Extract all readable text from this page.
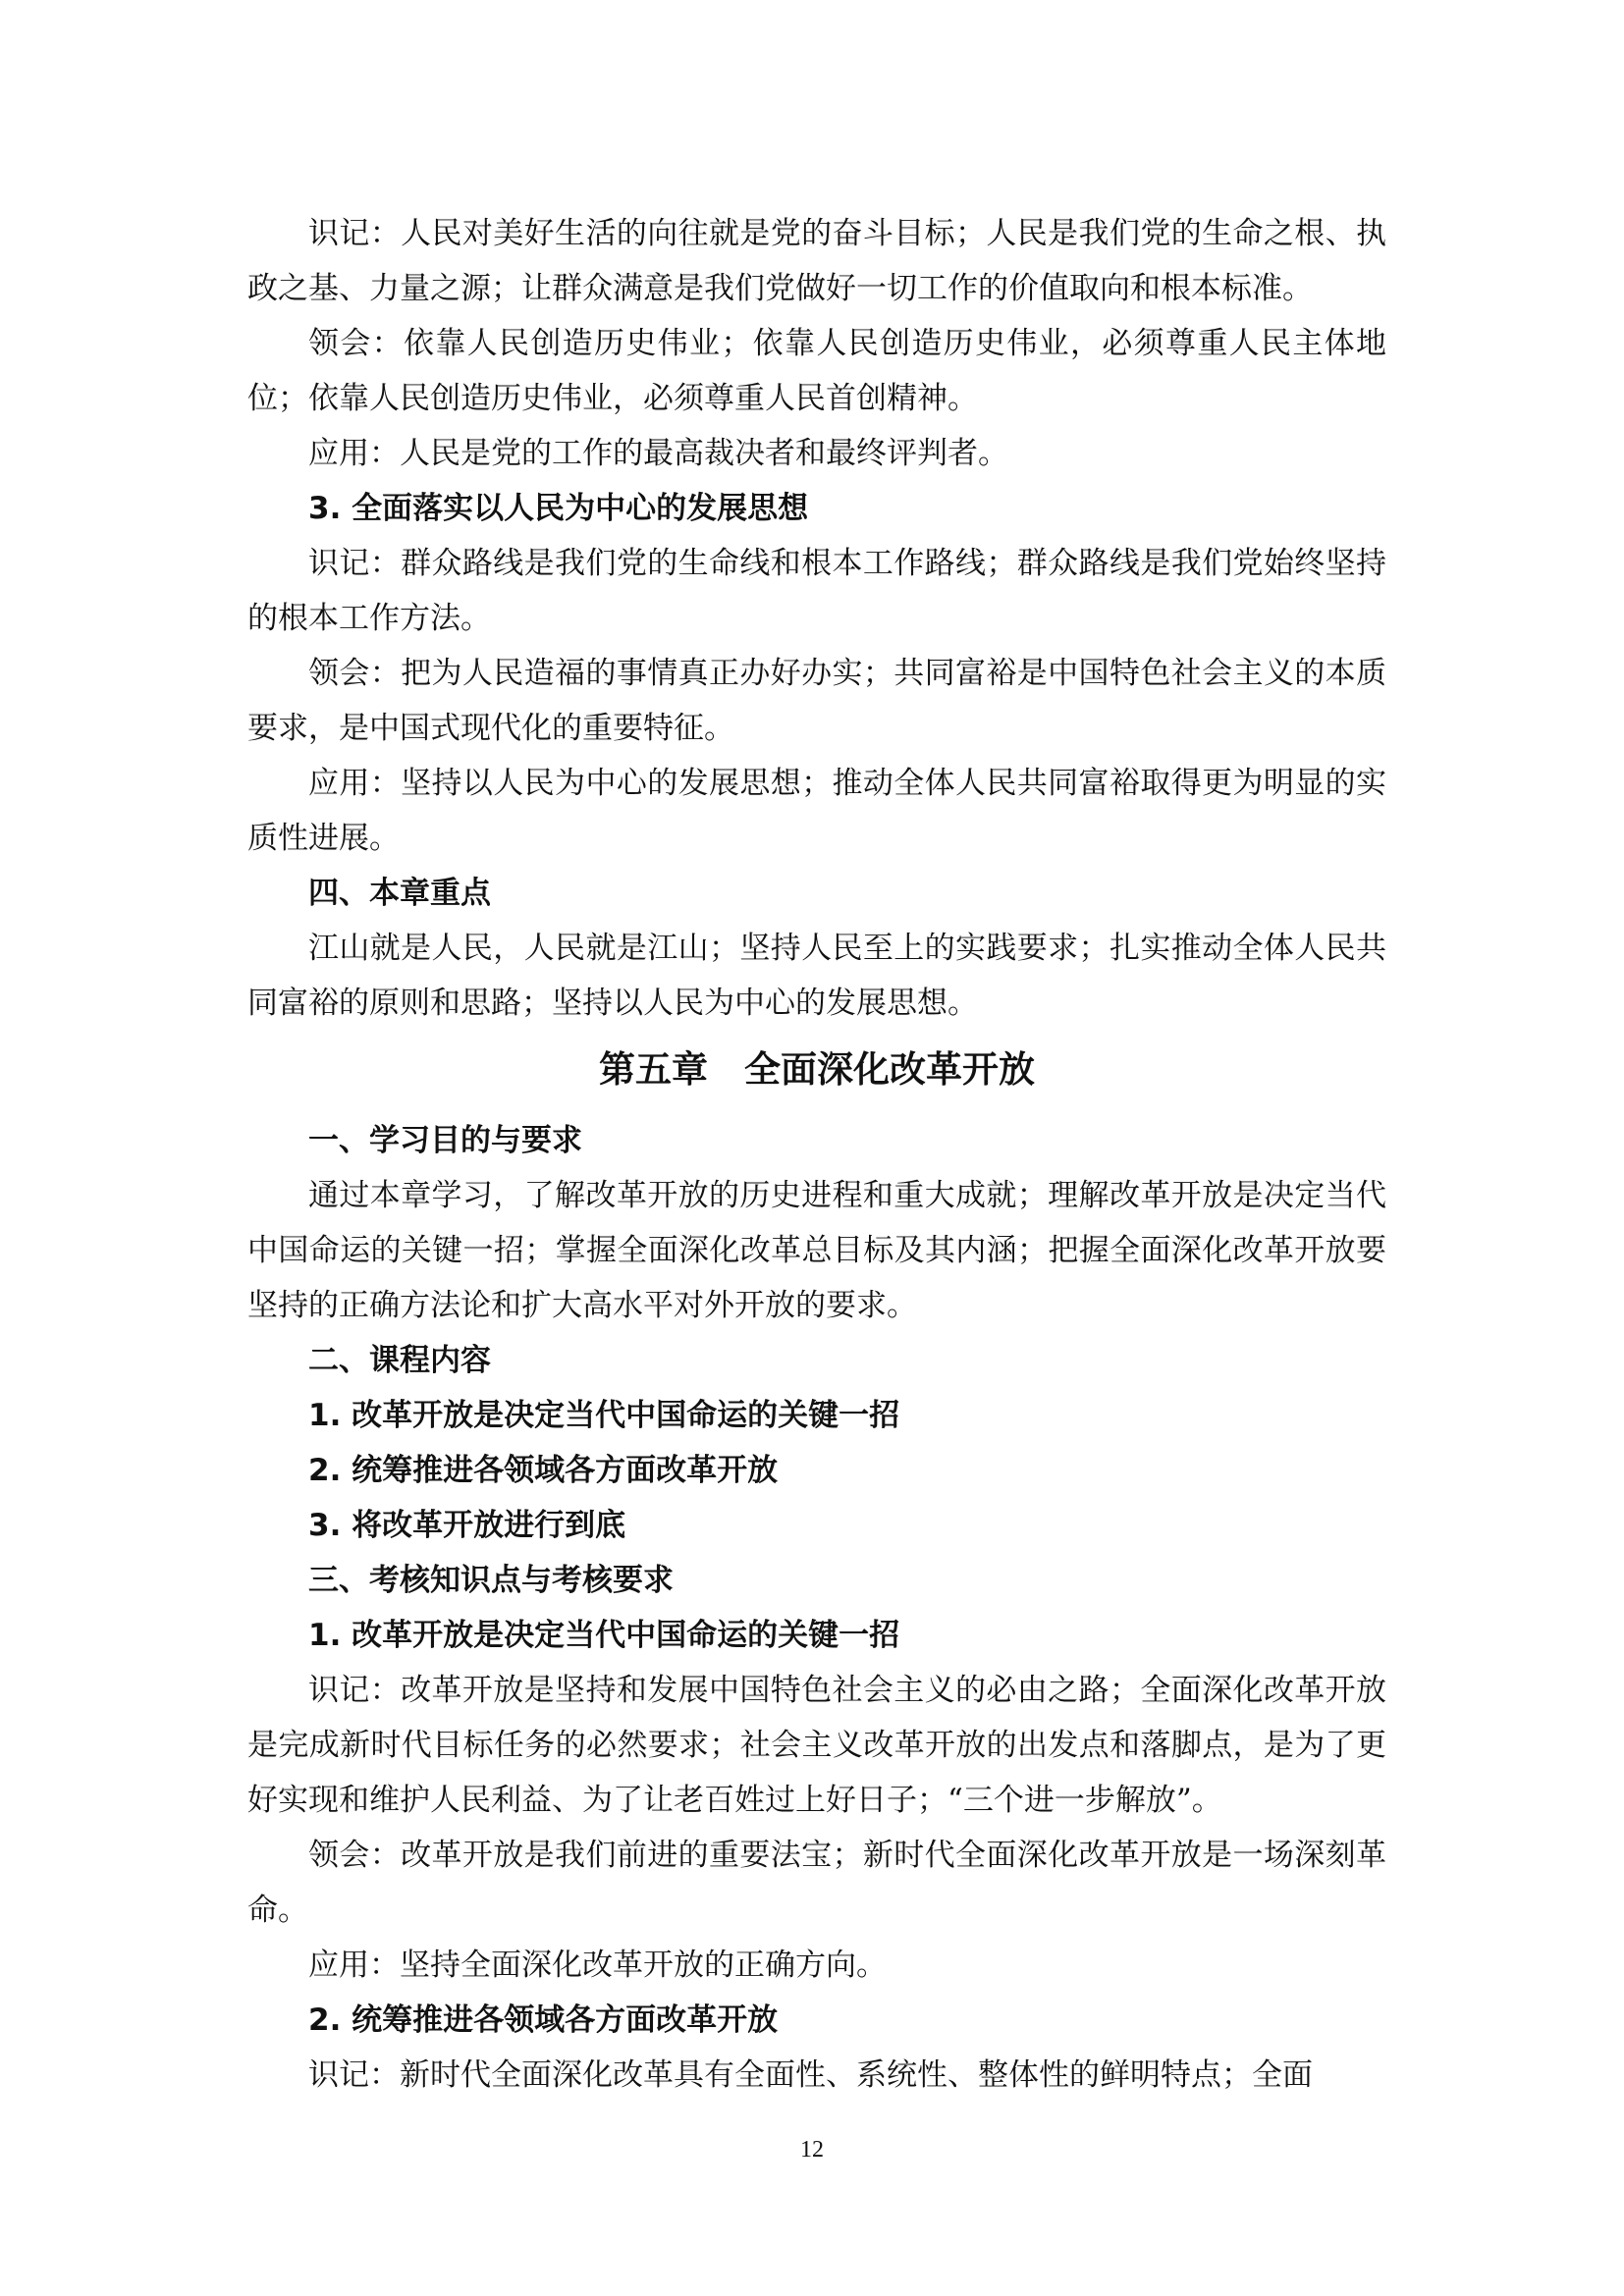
识记：人民对美好生活的向往就是党的奋斗目标；人民是我们党的生命之根、执政之基、力量之源；让群众满意是我们党做好一切工作的价值取向和根本标准。

领会：依靠人民创造历史伟业；依靠人民创造历史伟业，必须尊重人民主体地位；依靠人民创造历史伟业，必须尊重人民首创精神。

应用：人民是党的工作的最高裁决者和最终评判者。

3. 全面落实以人民为中心的发展思想

识记：群众路线是我们党的生命线和根本工作路线；群众路线是我们党始终坚持的根本工作方法。

领会：把为人民造福的事情真正办好办实；共同富裕是中国特色社会主义的本质要求，是中国式现代化的重要特征。

应用：坚持以人民为中心的发展思想；推动全体人民共同富裕取得更为明显的实质性进展。

四、本章重点

江山就是人民，人民就是江山；坚持人民至上的实践要求；扎实推动全体人民共同富裕的原则和思路；坚持以人民为中心的发展思想。

第五章　全面深化改革开放
一、学习目的与要求

通过本章学习，了解改革开放的历史进程和重大成就；理解改革开放是决定当代中国命运的关键一招；掌握全面深化改革总目标及其内涵；把握全面深化改革开放要坚持的正确方法论和扩大高水平对外开放的要求。

二、课程内容
1. 改革开放是决定当代中国命运的关键一招
2. 统筹推进各领域各方面改革开放
3. 将改革开放进行到底
三、考核知识点与考核要求
1. 改革开放是决定当代中国命运的关键一招

识记：改革开放是坚持和发展中国特色社会主义的必由之路；全面深化改革开放是完成新时代目标任务的必然要求；社会主义改革开放的出发点和落脚点，是为了更好实现和维护人民利益、为了让老百姓过上好日子；“三个进一步解放”。

领会：改革开放是我们前进的重要法宝；新时代全面深化改革开放是一场深刻革命。

应用：坚持全面深化改革开放的正确方向。

2. 统筹推进各领域各方面改革开放

识记：新时代全面深化改革具有全面性、系统性、整体性的鲜明特点；全面

12
